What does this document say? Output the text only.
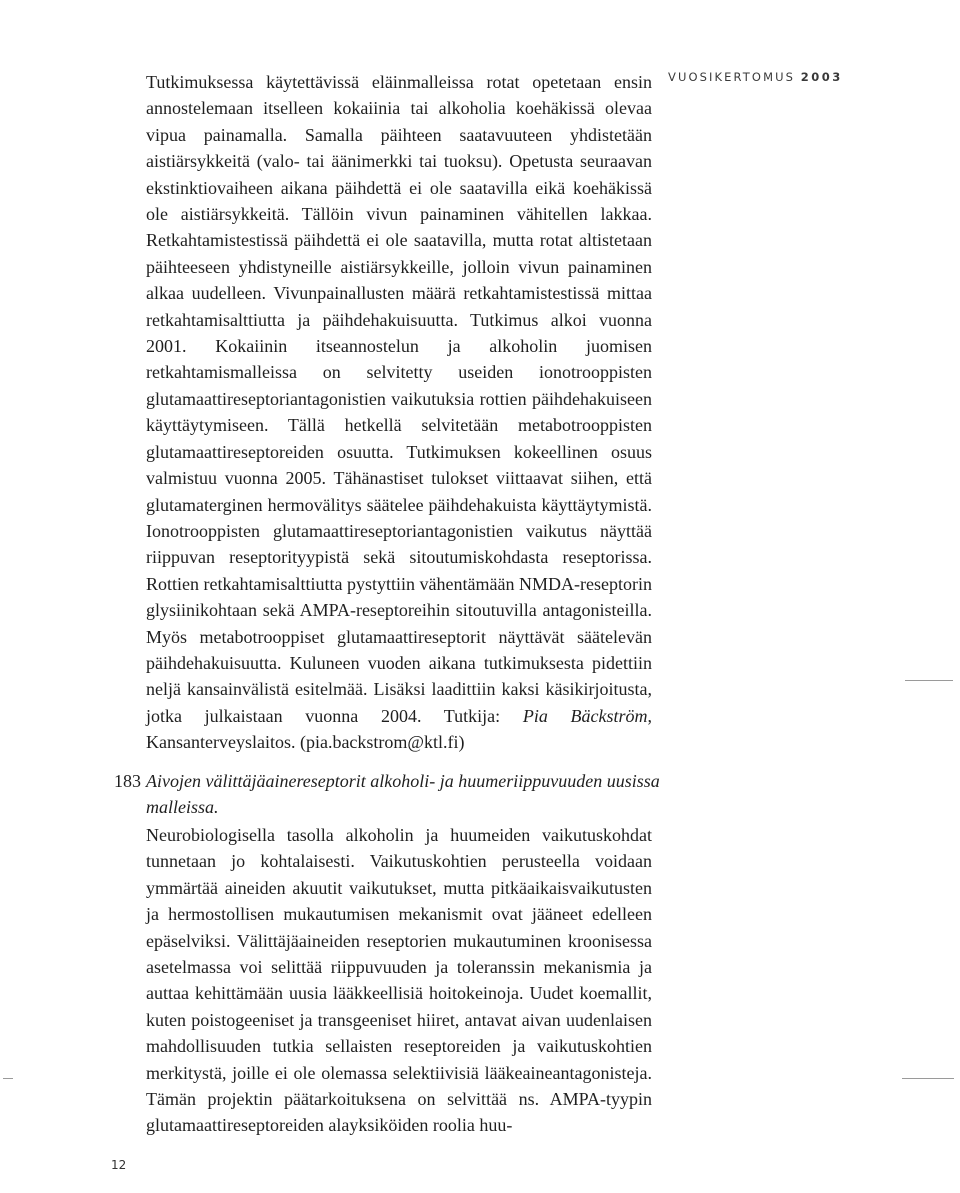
VUOSIKERTOMUS 2003

Tutkimuksessa käytettävissä eläinmalleissa rotat opetetaan ensin annostelemaan itselleen kokaiinia tai alkoholia koehäkissä olevaa vipua painamalla. Samalla päihteen saatavuuteen yhdistetään aistiärsykkeitä (valo- tai äänimerkki tai tuoksu). Opetusta seuraavan ekstinktiovaiheen aikana päihdettä ei ole saatavilla eikä koehäkissä ole aistiärsykkeitä. Tällöin vivun painaminen vähitellen lakkaa. Retkahtamistestissä päihdettä ei ole saatavilla, mutta rotat altistetaan päihteeseen yhdistyneille aistiärsykkeille, jolloin vivun painaminen alkaa uudelleen. Vivunpainallusten määrä retkahtamistestissä mittaa retkahtamisalttiutta ja päihdehakuisuutta. Tutkimus alkoi vuonna 2001. Kokaiinin itseannostelun ja alkoholin juomisen retkahtamismalleissa on selvitetty useiden ionotrooppisten glutamaattireseptoriantagonistien vaikutuksia rottien päihdehakuiseen käyttäytymiseen. Tällä hetkellä selvitetään metabotrooppisten glutamaattireseptoreiden osuutta. Tutkimuksen kokeellinen osuus valmistuu vuonna 2005. Tähänastiset tulokset viittaavat siihen, että glutamaterginen hermovälitys säätelee päihdehakuista käyttäytymistä. Ionotrooppisten glutamaattireseptoriantagonistien vaikutus näyttää riippuvan reseptorityypistä sekä sitoutumiskohdasta reseptorissa. Rottien retkahtamisalttiutta pystyttiin vähentämään NMDA-reseptorin glysiinikohtaan sekä AMPA-reseptoreihin sitoutuvilla antagonisteilla. Myös metabotrooppiset glutamaattireseptorit näyttävät säätelevän päihdehakuisuutta. Kuluneen vuoden aikana tutkimuksesta pidettiin neljä kansainvälistä esitelmää. Lisäksi laadittiin kaksi käsikirjoitusta, jotka julkaistaan vuonna 2004. Tutkija: Pia Bäckström, Kansanterveyslaitos. (pia.backstrom@ktl.fi)

183 Aivojen välittäjäainereseptorit alkoholi- ja huumeriippuvuuden uusissa malleissa.

Neurobiologisella tasolla alkoholin ja huumeiden vaikutuskohdat tunnetaan jo kohtalaisesti. Vaikutuskohtien perusteella voidaan ymmärtää aineiden akuutit vaikutukset, mutta pitkäaikaisvaikutusten ja hermostollisen mukautumisen mekanismit ovat jääneet edelleen epäselviksi. Välittäjäaineiden reseptorien mukautuminen kroonisessa asetelmassa voi selittää riippuvuuden ja toleranssin mekanismia ja auttaa kehittämään uusia lääkkeellisiä hoitokeinoja. Uudet koemallit, kuten poistogeeniset ja transgeeniset hiiret, antavat aivan uudenlaisen mahdollisuuden tutkia sellaisten reseptoreiden ja vaikutuskohtien merkitystä, joille ei ole olemassa selektiivisiä lääkeaineantagonisteja. Tämän projektin päätarkoituksena on selvittää ns. AMPA-tyypin glutamaattireseptoreiden alayksiköiden roolia huu-

12
